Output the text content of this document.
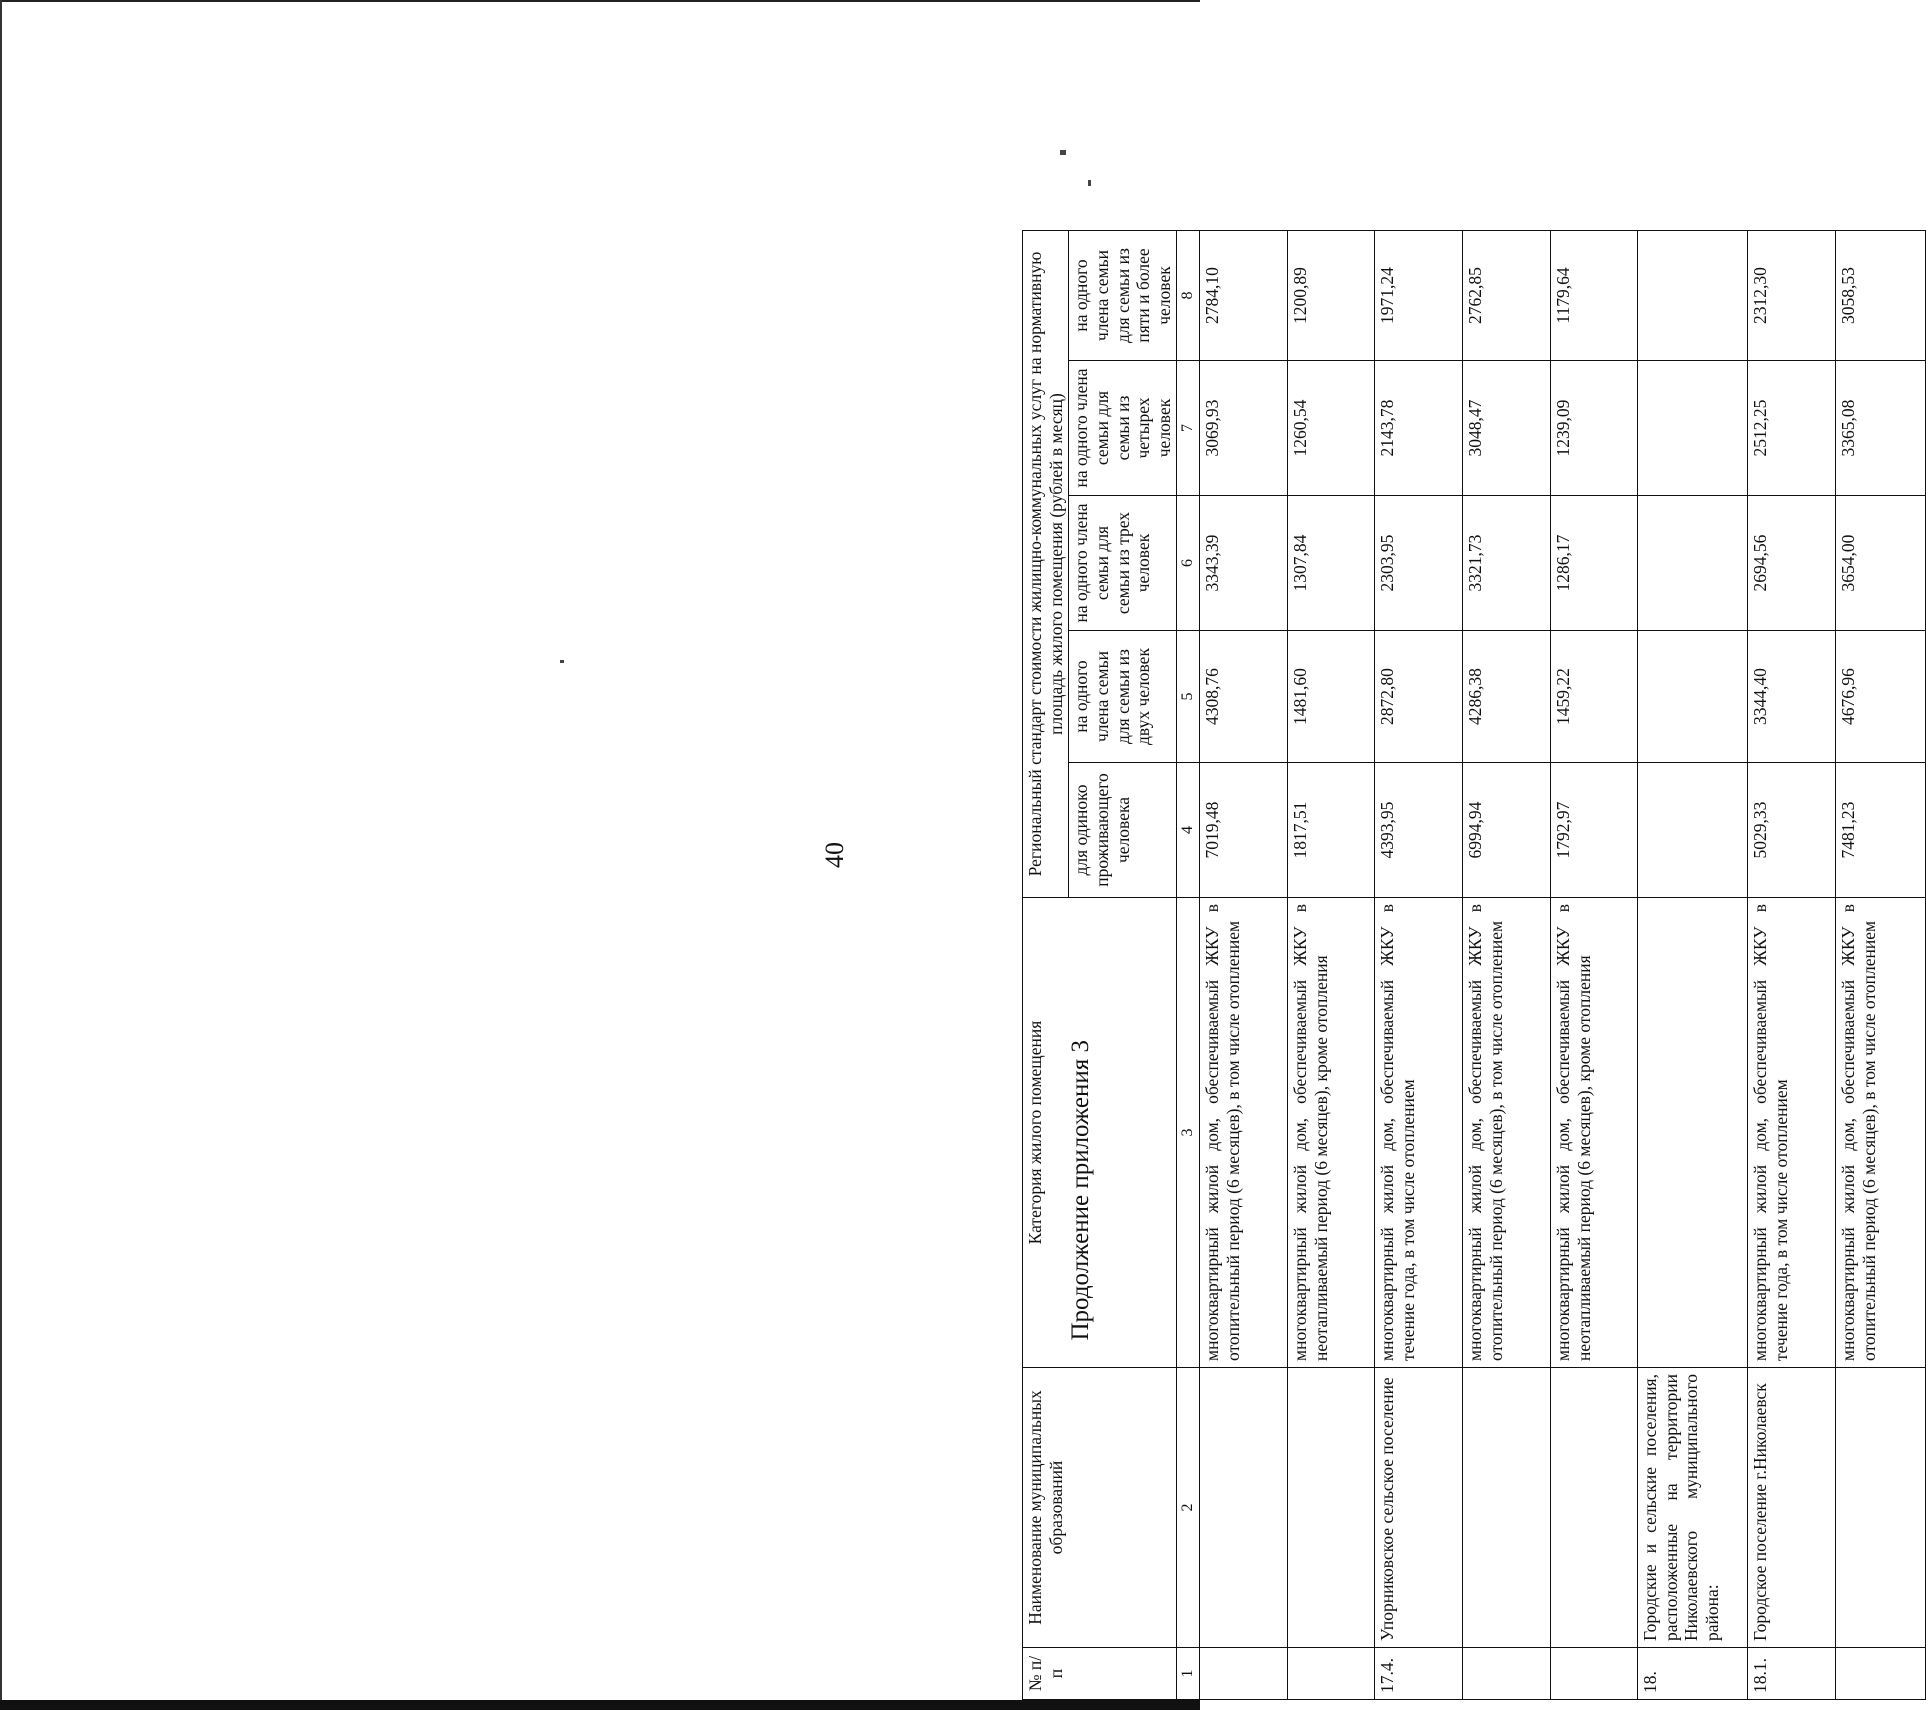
40
Продолжение приложения 3
№ п/п	Наименование муниципальных образований	Категория жилого помещения	Региональный стандарт стоимости жилищно-коммунальных услуг на нормативную площадь жилого помещения (рублей в месяц)				
			для одиноко проживающего человека	на одного члена семьи для семьи из двух человек	на одного члена семьи для семьи из трех человек	на одного члена семьи для семьи из четырех человек	на одного члена семьи для семьи из пяти и более человек
1	2	3	4	5	6	7	8
		многоквартирный жилой дом, обеспечиваемый ЖКУ в отопительный период (6 месяцев), в том числе отоплением	7019,48	4308,76	3343,39	3069,93	2784,10
		многоквартирный жилой дом, обеспечиваемый ЖКУ в неотапливаемый период (6 месяцев), кроме отопления	1817,51	1481,60	1307,84	1260,54	1200,89
17.4.	Упорниковское сельское поселение	многоквартирный жилой дом, обеспечиваемый ЖКУ в течение года, в том числе отоплением	4393,95	2872,80	2303,95	2143,78	1971,24
		многоквартирный жилой дом, обеспечиваемый ЖКУ в отопительный период (6 месяцев), в том числе отоплением	6994,94	4286,38	3321,73	3048,47	2762,85
		многоквартирный жилой дом, обеспечиваемый ЖКУ в неотапливаемый период (6 месяцев), кроме отопления	1792,97	1459,22	1286,17	1239,09	1179,64
18.	Городские и сельские поселения, расположенные на территории Николаевского муниципального района:						
18.1.	Городское поселение г.Николаевск	многоквартирный жилой дом, обеспечиваемый ЖКУ в течение года, в том числе отоплением	5029,33	3344,40	2694,56	2512,25	2312,30
		многоквартирный жилой дом, обеспечиваемый ЖКУ в отопительный период (6 месяцев), в том числе отоплением	7481,23	4676,96	3654,00	3365,08	3058,53
